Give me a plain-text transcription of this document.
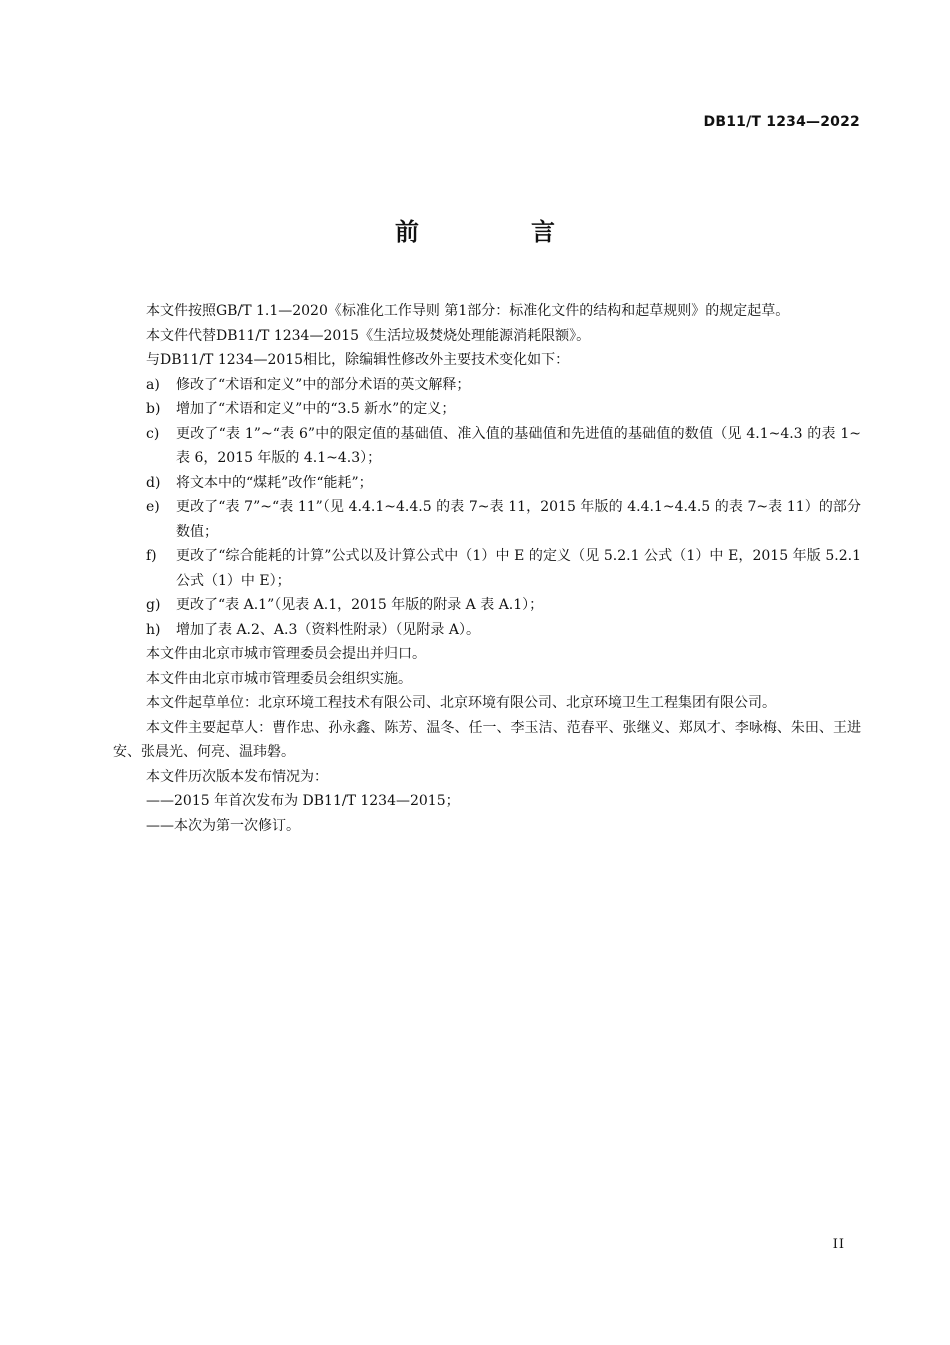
DB11/T 1234—2022
前　言

本文件按照GB/T 1.1—2020《标准化工作导则 第1部分：标准化文件的结构和起草规则》的规定起草。

本文件代替DB11/T 1234—2015《生活垃圾焚烧处理能源消耗限额》。

与DB11/T 1234—2015相比，除编辑性修改外主要技术变化如下：

a)	修改了“术语和定义”中的部分术语的英文解释；
b)	增加了“术语和定义”中的“3.5 新水”的定义；
c)	更改了“表 1”~“表 6”中的限定值的基础值、准入值的基础值和先进值的基础值的数值（见 4.1~4.3 的表 1~表 6，2015 年版的 4.1~4.3）；
d)	将文本中的“煤耗”改作“能耗”；
e)	更改了“表 7”~“表 11”（见 4.4.1~4.4.5 的表 7~表 11，2015 年版的 4.4.1~4.4.5 的表 7~表 11）的部分数值；
f)	更改了“综合能耗的计算”公式以及计算公式中（1）中 E 的定义（见 5.2.1 公式（1）中 E，2015 年版 5.2.1 公式（1）中 E）；
g)	更改了“表 A.1”（见表 A.1，2015 年版的附录 A 表 A.1）；
h)	增加了表 A.2、A.3（资料性附录）（见附录 A）。

本文件由北京市城市管理委员会提出并归口。

本文件由北京市城市管理委员会组织实施。

本文件起草单位：北京环境工程技术有限公司、北京环境有限公司、北京环境卫生工程集团有限公司。

本文件主要起草人：曹作忠、孙永鑫、陈芳、温冬、任一、李玉洁、范春平、张继义、郑凤才、李咏梅、朱田、王进安、张晨光、何亮、温玮磐。

本文件历次版本发布情况为：

——2015 年首次发布为 DB11/T 1234—2015；

——本次为第一次修订。

II
